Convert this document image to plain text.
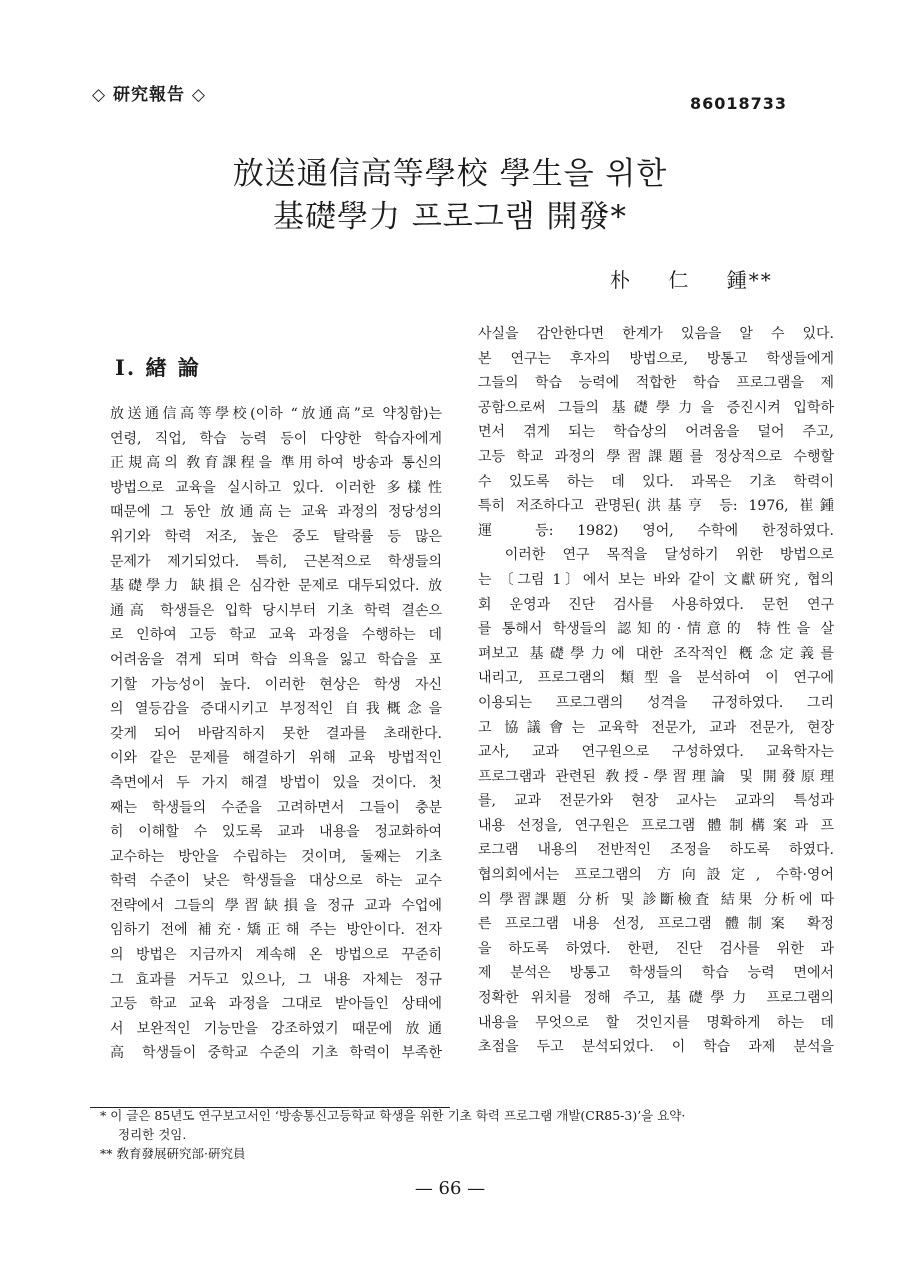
◇ 研究報告 ◇	86018733
放送通信高等學校 學生을 위한
基礎學力 프로그램 開發*
朴 仁 鍾**
Ⅰ. 緖 論

放送通信高等學校(이하 “放通高”로 약칭함)는

연령, 직업, 학습 능력 등이 다양한 학습자에게

正規高의 敎育課程을 準用하여 방송과 통신의

방법으로 교육을 실시하고 있다. 이러한 多樣性

때문에 그 동안 放通高는 교육 과정의 정당성의

위기와 학력 저조, 높은 중도 탈락률 등 많은

문제가 제기되었다. 특히, 근본적으로 학생들의

基礎學力 缺損은 심각한 문제로 대두되었다. 放

通高 학생들은 입학 당시부터 기초 학력 결손으

로 인하여 고등 학교 교육 과정을 수행하는 데

어려움을 겪게 되며 학습 의욕을 잃고 학습을 포

기할 가능성이 높다. 이러한 현상은 학생 자신

의 열등감을 증대시키고 부정적인 自我概念을

갖게 되어 바람직하지 못한 결과를 초래한다.

이와 같은 문제를 해결하기 위해 교육 방법적인

측면에서 두 가지 해결 방법이 있을 것이다. 첫

째는 학생들의 수준을 고려하면서 그들이 충분

히 이해할 수 있도록 교과 내용을 정교화하여

교수하는 방안을 수립하는 것이며, 둘째는 기초

학력 수준이 낮은 학생들을 대상으로 하는 교수

전략에서 그들의 學習缺損을 정규 교과 수업에

임하기 전에 補充·矯正해 주는 방안이다. 전자

의 방법은 지금까지 계속해 온 방법으로 꾸준히

그 효과를 거두고 있으나, 그 내용 자체는 정규

고등 학교 교육 과정을 그대로 받아들인 상태에

서 보완적인 기능만을 강조하였기 때문에 放通

高 학생들이 중학교 수준의 기초 학력이 부족한

사실을 감안한다면 한계가 있음을 알 수 있다.

본 연구는 후자의 방법으로, 방통고 학생들에게

그들의 학습 능력에 적합한 학습 프로그램을 제

공함으로써 그들의 基礎學力을 증진시켜 입학하

면서 겪게 되는 학습상의 어려움을 덜어 주고,

고등 학교 과정의 學習課題를 정상적으로 수행할

수 있도록 하는 데 있다. 과목은 기초 학력이

특히 저조하다고 관명된(洪基亨 등: 1976, 崔鍾

運 등: 1982) 영어, 수학에 한정하였다.

　이러한 연구 목적을 달성하기 위한 방법으로

는 〔그림 1〕에서 보는 바와 같이 文獻硏究, 협의

회 운영과 진단 검사를 사용하였다. 문헌 연구

를 통해서 학생들의 認知的·情意的 特性을 살

펴보고 基礎學力에 대한 조작적인 槪念定義를

내리고, 프로그램의 類型을 분석하여 이 연구에

이용되는 프로그램의 성격을 규정하였다. 그리

고 協議會는 교육학 전문가, 교과 전문가, 현장

교사, 교과 연구원으로 구성하였다. 교육학자는

프로그램과 관련된 敎授-學習理論 및 開發原理

를, 교과 전문가와 현장 교사는 교과의 특성과

내용 선정을, 연구원은 프로그램 體制構案과 프

로그램 내용의 전반적인 조정을 하도록 하였다.

협의회에서는 프로그램의 方向設定, 수학·영어

의 學習課題 分析 및 診斷檢査 結果 分析에 따

른 프로그램 내용 선정, 프로그램 體制案 확정

을 하도록 하였다. 한편, 진단 검사를 위한 과

제 분석은 방통고 학생들의 학습 능력 면에서

정확한 위치를 정해 주고, 基礎學力 프로그램의

내용을 무엇으로 할 것인지를 명확하게 하는 데

초점을 두고 분석되었다. 이 학습 과제 분석을

* 이 글은 85년도 연구보고서인 ‘방송통신고등학교 학생을 위한 기초 학력 프로그램 개발(CR85-3)’을 요약·
정리한 것임.
** 敎育發展硏究部·硏究員
— 66 —
